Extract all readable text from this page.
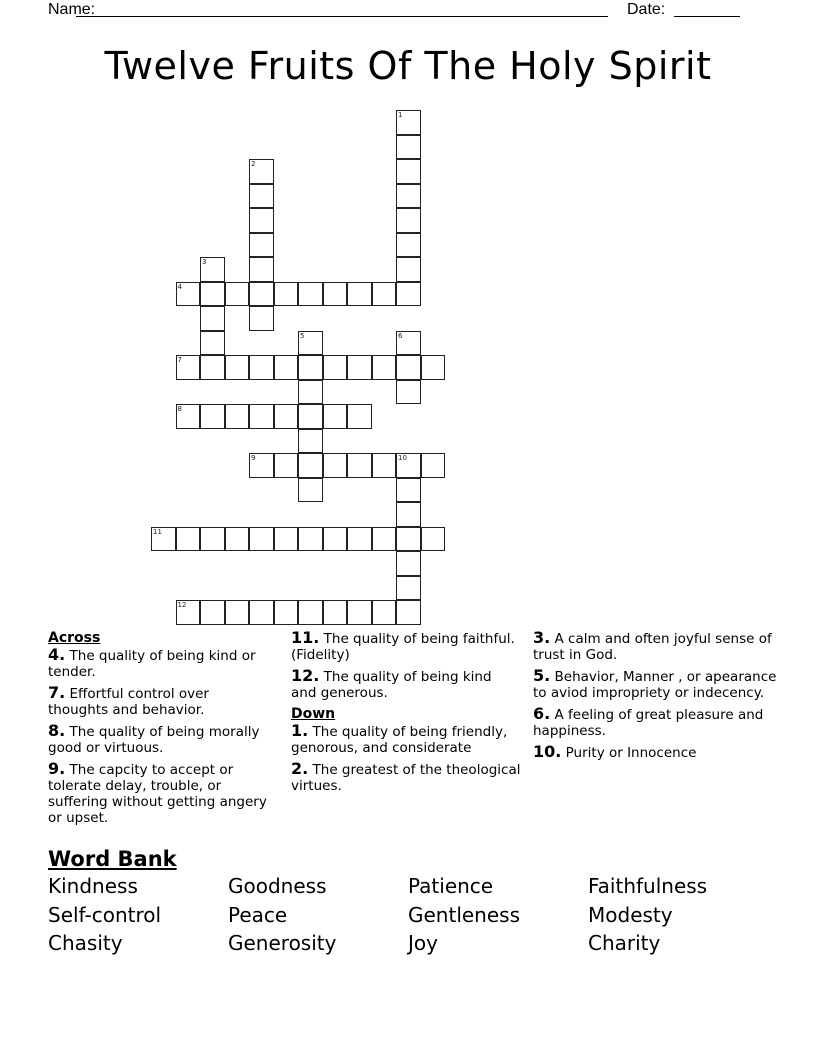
Name:	Date:
Twelve Fruits Of The Holy Spirit
1
2
3
4
5	6
7
8
9	10
11
12
Across
4. The quality of being kind or tender.
7. Effortful control over thoughts and behavior.
8. The quality of being morally good or virtuous.
9. The capcity to accept or tolerate delay, trouble, or suffering without getting angery or upset.
11. The quality of being faithful. (Fidelity)
12. The quality of being kind and generous.
Down
1. The quality of being friendly, genorous, and considerate
2. The greatest of the theological virtues.
3. A calm and often joyful sense of trust in God.
5. Behavior, Manner , or apearance to aviod impropriety or indecency.
6. A feeling of great pleasure and happiness.
10. Purity or Innocence
Word Bank
Kindness	Goodness	Patience	Faithfulness
Self-control	Peace	Gentleness	Modesty
Chasity	Generosity	Joy	Charity
